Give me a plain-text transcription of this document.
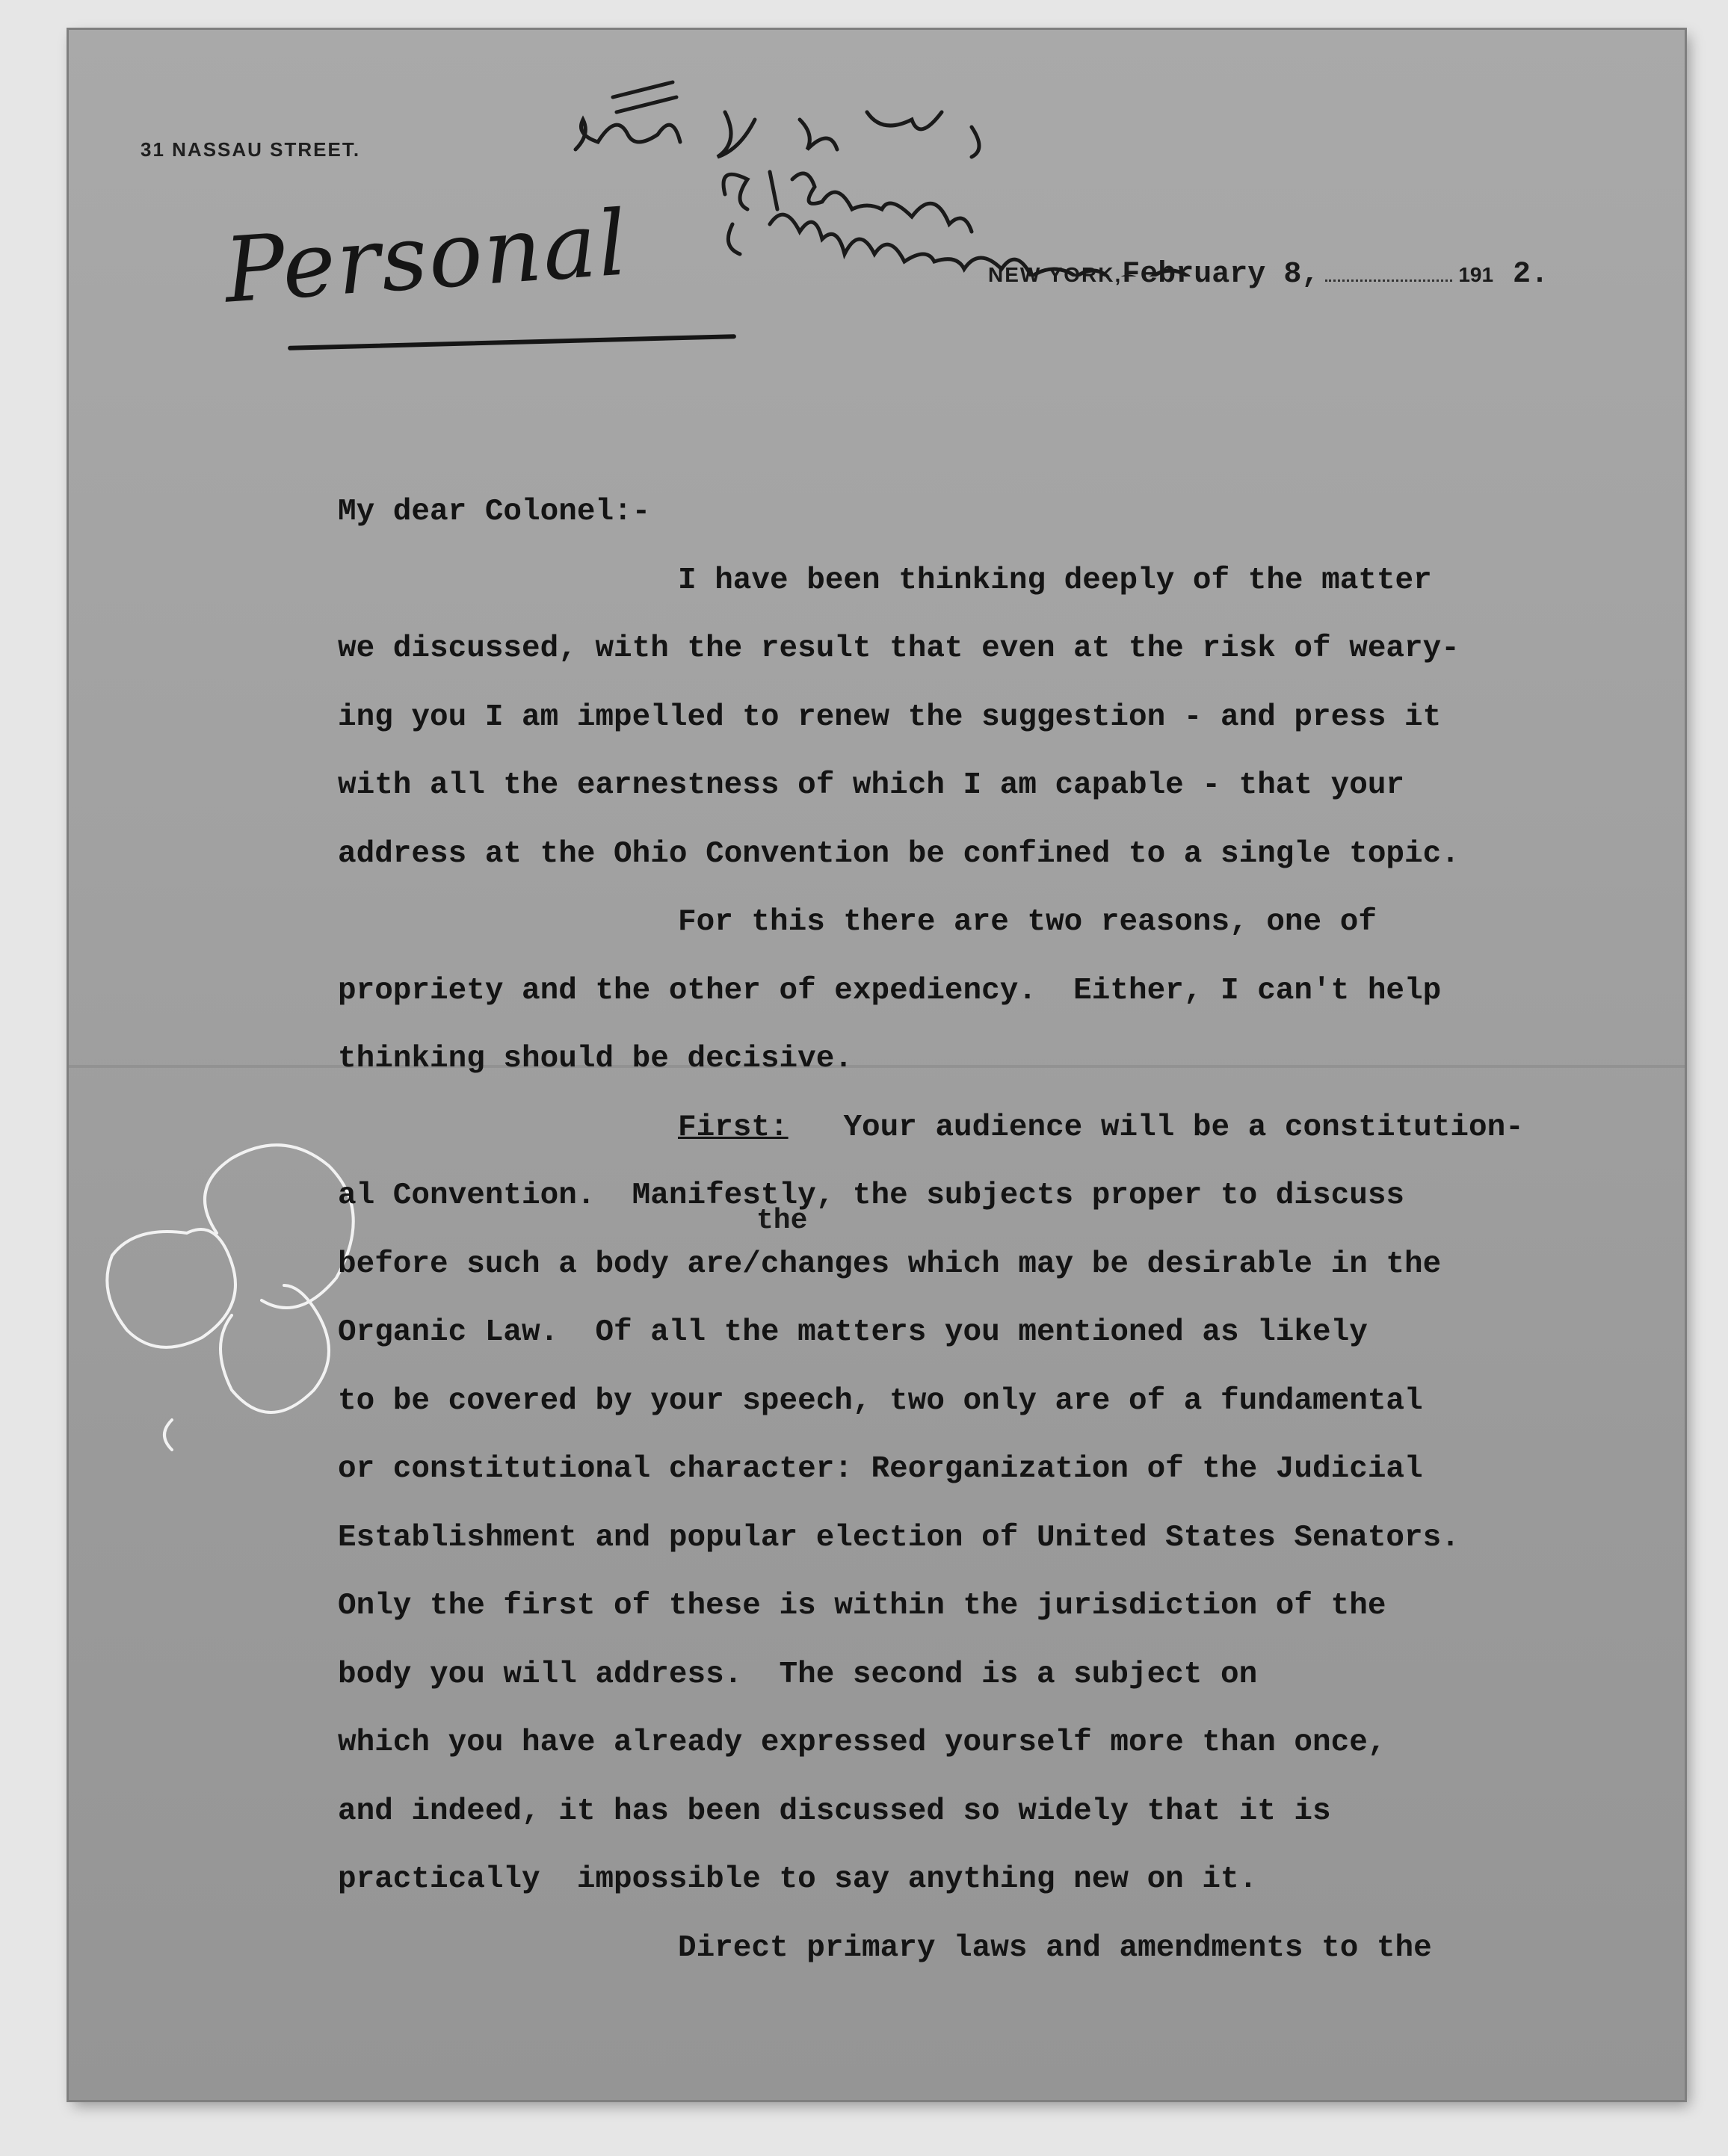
31 NASSAU STREET.
Personal	NEW YORK,February 8,	191 2.
the
My dear Colonel:-
I have been thinking deeply of the matter
we discussed, with the result that even at the risk of weary-
ing you I am impelled to renew the suggestion - and press it
with all the earnestness of which I am capable - that your
address at the Ohio Convention be confined to a single topic.
For this there are two reasons, one of
propriety and the other of expediency.  Either, I can't help
thinking should be decisive.
First: Your audience will be a constitution-
al Convention.  Manifestly, the subjects proper to discuss
before such a body are/changes which may be desirable in the
Organic Law.  Of all the matters you mentioned as likely
to be covered by your speech, two only are of a fundamental
or constitutional character: Reorganization of the Judicial
Establishment and popular election of United States Senators.
Only the first of these is within the jurisdiction of the
body you will address.  The second is a subject on
which you have already expressed yourself more than once,
and indeed, it has been discussed so widely that it is
practically  impossible to say anything new on it.
Direct primary laws and amendments to the
